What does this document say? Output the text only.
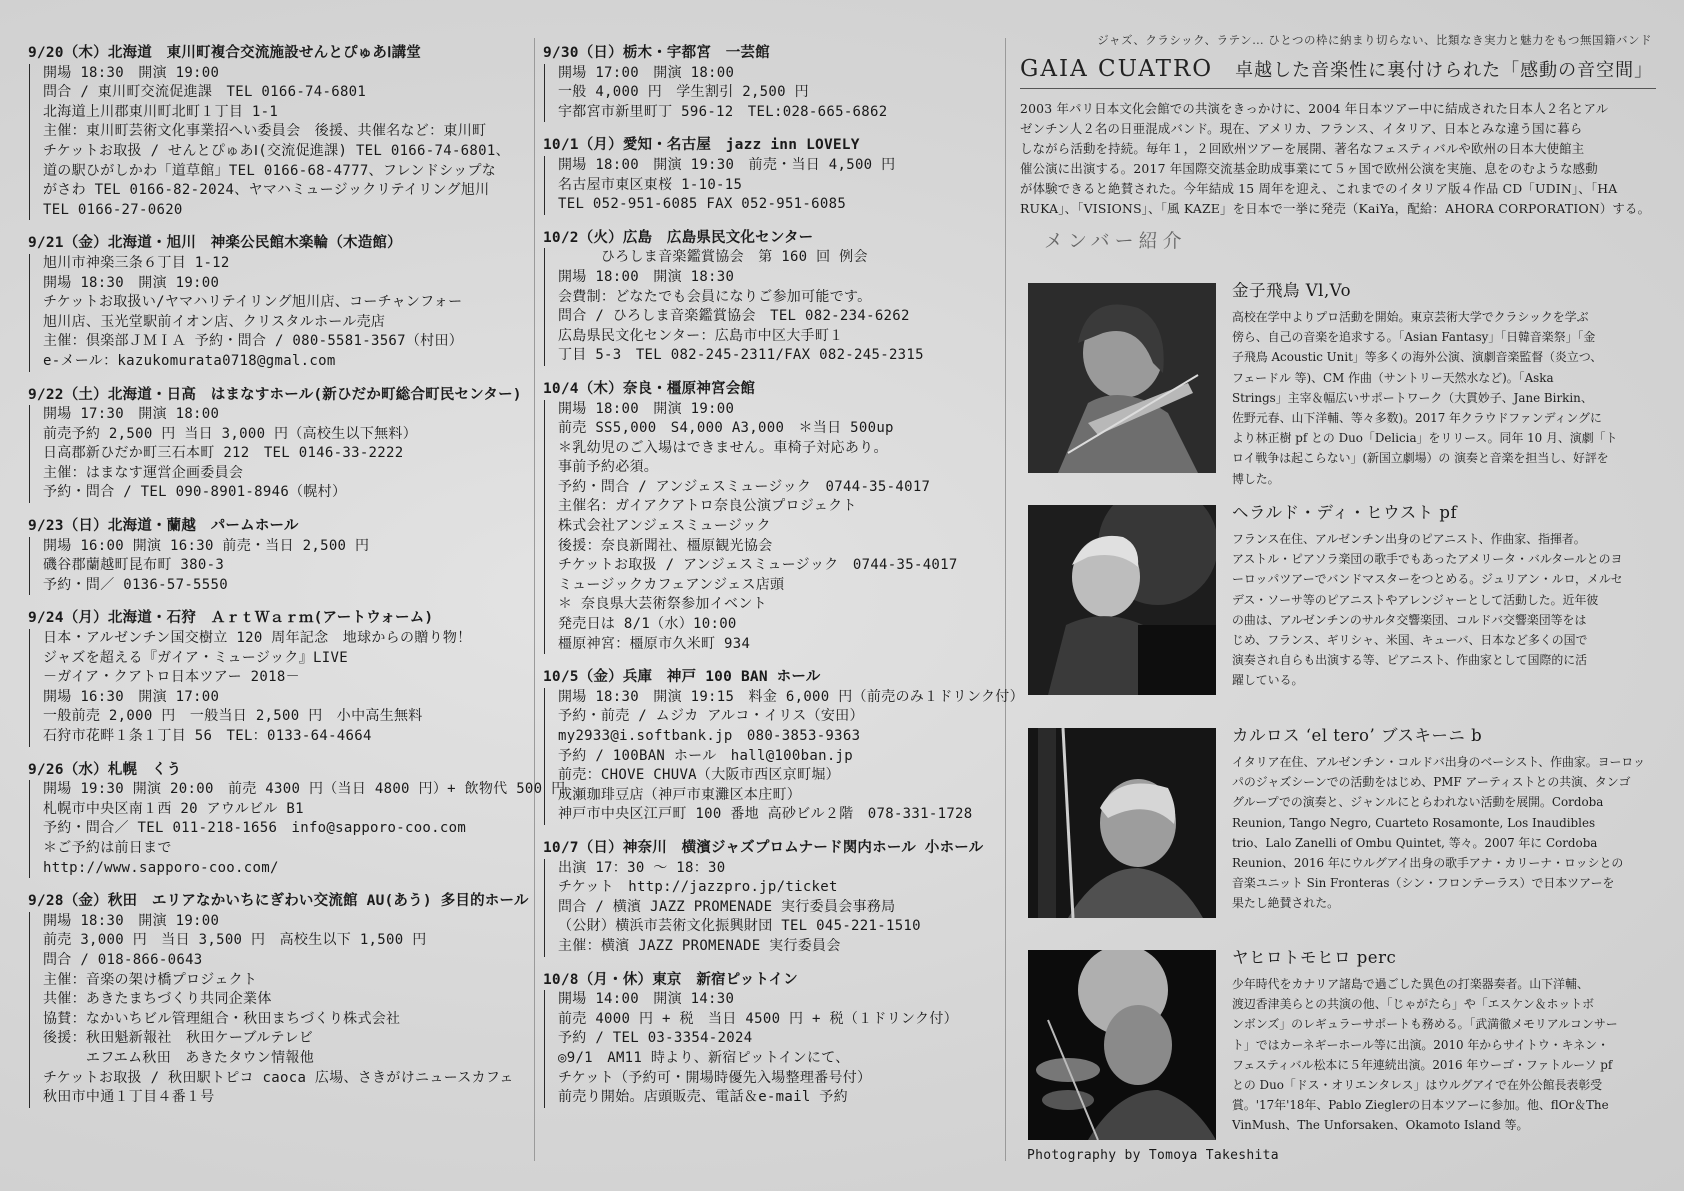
9/20（木）北海道　東川町複合交流施設せんとぴゅあⅠ講堂
開場 18:30　開演 19:00
問合 / 東川町交流促進課　TEL 0166-74-6801
北海道上川郡東川町北町１丁目 1-1
主催：東川町芸術文化事業招へい委員会　後援、共催名など：東川町
チケットお取扱 / せんとぴゅあⅠ(交流促進課) TEL 0166-74-6801、
道の駅ひがしかわ「道草館」TEL 0166-68-4777、フレンドシップな
がさわ TEL 0166-82-2024、ヤマハミュージックリテイリング旭川
TEL 0166-27-0620
9/21（金）北海道・旭川　神楽公民館木楽輪（木造館）
旭川市神楽三条６丁目 1-12
開場 18:30　開演 19:00
チケットお取扱い/ヤマハリテイリング旭川店、コーチャンフォー
旭川店、玉光堂駅前イオン店、クリスタルホール売店
主催：倶楽部ＪＭＩＡ 予約・問合 / 080-5581-3567（村田）
e-メール：kazukomurata0718@gmal.com
9/22（土）北海道・日高　はまなすホール(新ひだか町総合町民センター)
開場 17:30　開演 18:00
前売予約 2,500 円 当日 3,000 円（高校生以下無料）
日高郡新ひだか町三石本町 212　TEL 0146-33-2222
主催：はまなす運営企画委員会
予約・問合 / TEL 090-8901-8946（幌村）
9/23（日）北海道・蘭越　パームホール
開場 16:00 開演 16:30 前売・当日 2,500 円
磯谷郡蘭越町昆布町 380-3
予約・問／ 0136-57-5550
9/24（月）北海道・石狩　ＡｒｔＷａｒｍ(アートウォーム)
日本・アルゼンチン国交樹立 120 周年記念　地球からの贈り物！
ジャズを超える『ガイア・ミュージック』LIVE
－ガイア・クアトロ日本ツアー 2018－
開場 16:30　開演 17:00
一般前売 2,000 円　一般当日 2,500 円　小中高生無料
石狩市花畔１条１丁目 56　TEL：0133-64-4664
9/26（水）札幌　くう
開場 19:30 開演 20:00　前売 4300 円（当日 4800 円）+ 飲物代 500 円
札幌市中央区南１西 20 アウルビル B1
予約・問合／ TEL 011-218-1656　info@sapporo-coo.com
＊ご予約は前日まで
http://www.sapporo-coo.com/
9/28（金）秋田　エリアなかいちにぎわい交流館 AU(あう) 多目的ホール
開場 18:30　開演 19:00
前売 3,000 円　当日 3,500 円　高校生以下 1,500 円
問合 / 018-866-0643
主催：音楽の架け橋プロジェクト
共催：あきたまちづくり共同企業体
協賛：なかいちビル管理組合・秋田まちづくり株式会社
後援：秋田魁新報社　秋田ケーブルテレビ
　　　エフエム秋田　あきたタウン情報他
チケットお取扱 / 秋田駅トピコ caoca 広場、さきがけニュースカフェ
秋田市中通１丁目４番１号
9/30（日）栃木・宇都宮　一芸館
開場 17:00　開演 18:00
一般 4,000 円　学生割引 2,500 円
宇都宮市新里町丁 596-12　TEL:028-665-6862
10/1（月）愛知・名古屋　jazz inn LOVELY
開場 18:00　開演 19:30　前売・当日 4,500 円
名古屋市東区東桜 1-10-15
TEL 052-951-6085 FAX 052-951-6085
10/2（火）広島　広島県民文化センター
　　　ひろしま音楽鑑賞協会　第 160 回 例会
開場 18:00　開演 18:30
会費制：どなたでも会員になりご参加可能です。
問合 / ひろしま音楽鑑賞協会　TEL 082-234-6262
広島県民文化センター：広島市中区大手町１
丁目 5-3　TEL 082-245-2311/FAX 082-245-2315
10/4（木）奈良・橿原神宮会館
開場 18:00　開演 19:00
前売 SS5,000　S4,000 A3,000　＊当日 500up
＊乳幼児のご入場はできません。車椅子対応あり。
事前予約必須。
予約・問合 / アンジェスミュージック　0744-35-4017
主催名：ガイアクアトロ奈良公演プロジェクト
株式会社アンジェスミュージック
後援：奈良新聞社、橿原観光協会
チケットお取扱 / アンジェスミュージック　0744-35-4017
ミュージックカフェアンジェス店頭
＊ 奈良県大芸術祭参加イベント
発売日は 8/1（水）10:00
橿原神宮：橿原市久米町 934
10/5（金）兵庫　神戸 100 BAN ホール
開場 18:30　開演 19:15　料金 6,000 円（前売のみ１ドリンク付）
予約・前売 / ムジカ アルコ・イリス（安田）
my2933@i.softbank.jp　080-3853-9363
予約 / 100BAN ホール　hall@100ban.jp
前売：CHOVE CHUVA（大阪市西区京町堀）
成瀬珈琲豆店（神戸市東灘区本庄町）
神戸市中央区江戸町 100 番地 高砂ビル２階　078-331-1728
10/7（日）神奈川　横濱ジャズプロムナード関内ホール 小ホール
出演 17：30 ～ 18：30
チケット　http://jazzpro.jp/ticket
問合 / 横濱 JAZZ PROMENADE 実行委員会事務局
（公財）横浜市芸術文化振興財団 TEL 045-221-1510
主催：横濱 JAZZ PROMENADE 実行委員会
10/8（月・休）東京　新宿ピットイン
開場 14:00　開演 14:30
前売 4000 円 + 税　当日 4500 円 + 税（１ドリンク付）
予約 / TEL 03-3354-2024
◎9/1　AM11 時より、新宿ピットインにて、
チケット（予約可・開場時優先入場整理番号付）
前売り開始。店頭販売、電話＆e-mail 予約
ジャズ、クラシック、ラテン… ひとつの枠に納まり切らない、比類なき実力と魅力をもつ無国籍バンド
GAIA CUATRO 卓越した音楽性に裏付けられた「感動の音空間」
2003 年パリ日本文化会館での共演をきっかけに、2004 年日本ツアー中に結成された日本人２名とアル
ゼンチン人２名の日亜混成バンド。現在、アメリカ、フランス、イタリア、日本とみな違う国に暮ら
しながら活動を持続。毎年１，２回欧州ツアーを展開、著名なフェスティバルや欧州の日本大使館主
催公演に出演する。2017 年国際交流基金助成事業にて５ヶ国で欧州公演を実施、息をのむような感動
が体験できると絶賛された。今年結成 15 周年を迎え、これまでのイタリア版４作品 CD「UDIN」、「HA
RUKA」、「VISIONS」、「風 KAZE」を日本で一挙に発売（KaiYa，配給：AHORA CORPORATION）する。
メンバー紹介
金子飛鳥 Vl,Vo
高校在学中よりプロ活動を開始。東京芸術大学でクラシックを学ぶ
傍ら、自己の音楽を追求する。「Asian Fantasy」「日韓音楽祭」「金
子飛鳥 Acoustic Unit」等多くの海外公演、演劇音楽監督（炎立つ、
フェードル 等)、CM 作曲（サントリー天然水など)。「Aska
Strings」主宰＆幅広いサポートワーク（大貫妙子、Jane Birkin、
佐野元春、山下洋輔、等々多数)。2017 年クラウドファンディングに
より林正樹 pf との Duo「Delicia」をリリース。同年 10 月、演劇「ト
ロイ戦争は起こらない」(新国立劇場）の 演奏と音楽を担当し、好評を
博した。
ヘラルド・ディ・ヒウスト pf
フランス在住、アルゼンチン出身のピアニスト、作曲家、指揮者。
アストル・ピアソラ楽団の歌手でもあったアメリータ・バルタールとのヨ
ーロッパツアーでバンドマスターをつとめる。ジュリアン・ルロ，メルセ
デス・ソーサ等のピアニストやアレンジャーとして活動した。近年彼
の曲は、アルゼンチンのサルタ交響楽団、コルドバ交響楽団等をは
じめ、フランス、ギリシャ、米国、キューバ、日本など多くの国で
演奏され自らも出演する等、ピアニスト、作曲家として国際的に活
躍している。
カルロス ‘el tero’ ブスキーニ b
イタリア在住、アルゼンチン・コルドバ出身のベーシスト、作曲家。ヨーロッ
パのジャズシーンでの活動をはじめ、PMF アーティストとの共演、タンゴ
グループでの演奏と、ジャンルにとらわれない活動を展開。Cordoba
Reunion, Tango Negro, Cuarteto Rosamonte, Los Inaudibles
trio、Lalo Zanelli of Ombu Quintet, 等々。2007 年に Cordoba
Reunion、2016 年にウルグアイ出身の歌手アナ・カリーナ・ロッシとの
音楽ユニット Sin Fronteras（シン・フロンテーラス）で日本ツアーを
果たし絶賛された。
ヤヒロトモヒロ perc
少年時代をカナリア諸島で過ごした異色の打楽器奏者。山下洋輔、
渡辺香津美らとの共演の他、「じゃがたら」や「エスケン＆ホットボ
ンボンズ」のレギュラーサポートも務める。「武満徹メモリアルコンサー
ト」ではカーネギーホール等に出演。2010 年からサイトウ・キネン・
フェスティバル松本に５年連続出演。2016 年ウーゴ・ファトルーソ pf
との Duo「ドス・オリエンタレス」はウルグアイで在外公館長表彰受
賞。'17年'18年、Pablo Zieglerの日本ツアーに参加。他、flOr＆The
VinMush、The Unforsaken、Okamoto Island 等。
Photography by Tomoya Takeshita
